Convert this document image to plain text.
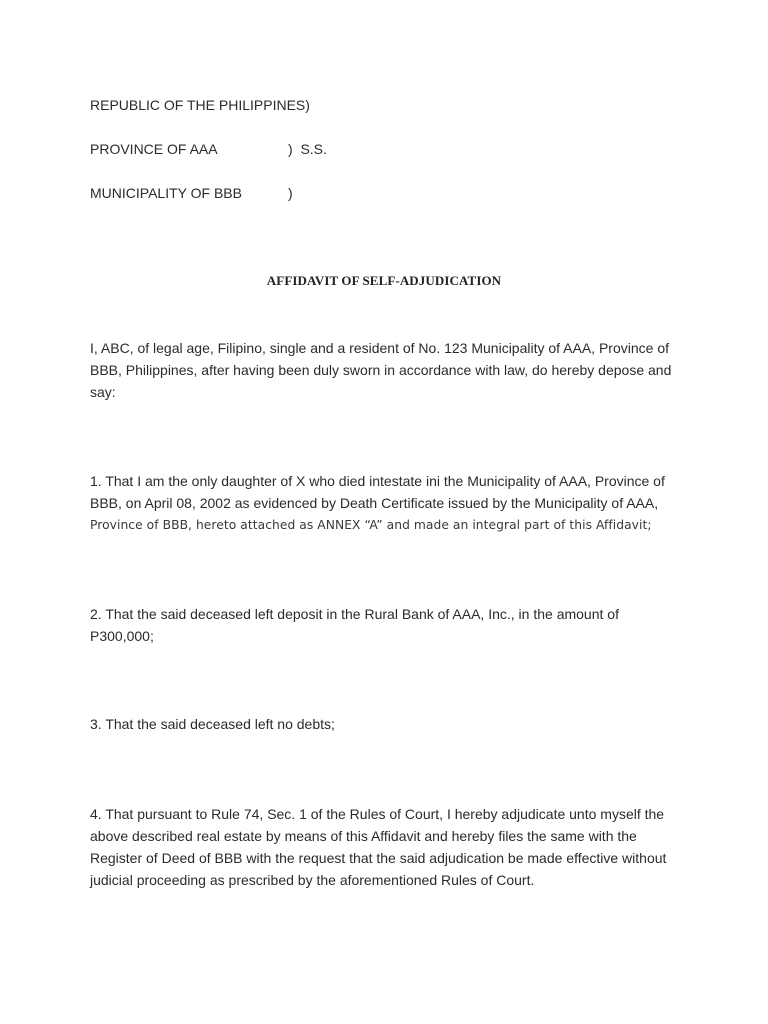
REPUBLIC OF THE PHILIPPINES)
PROVINCE OF AAA	)  S.S.
MUNICIPALITY OF BBB	)
AFFIDAVIT OF SELF-ADJUDICATION

I, ABC, of legal age, Filipino, single and a resident of No. 123 Municipality of AAA, Province of
BBB, Philippines, after having been duly sworn in accordance with law, do hereby depose and
say:

1. That I am the only daughter of X who died intestate ini the Municipality of AAA, Province of
BBB, on April 08, 2002 as evidenced by Death Certificate issued by the Municipality of AAA,
Province of BBB, hereto attached as ANNEX “A” and made an integral part of this Affidavit;

2. That the said deceased left deposit in the Rural Bank of AAA, Inc., in the amount of
P300,000;

3. That the said deceased left no debts;

4. That pursuant to Rule 74, Sec. 1 of the Rules of Court, I hereby adjudicate unto myself the
above described real estate by means of this Affidavit and hereby files the same with the
Register of Deed of BBB with the request that the said adjudication be made effective without
judicial proceeding as prescribed by the aforementioned Rules of Court.
